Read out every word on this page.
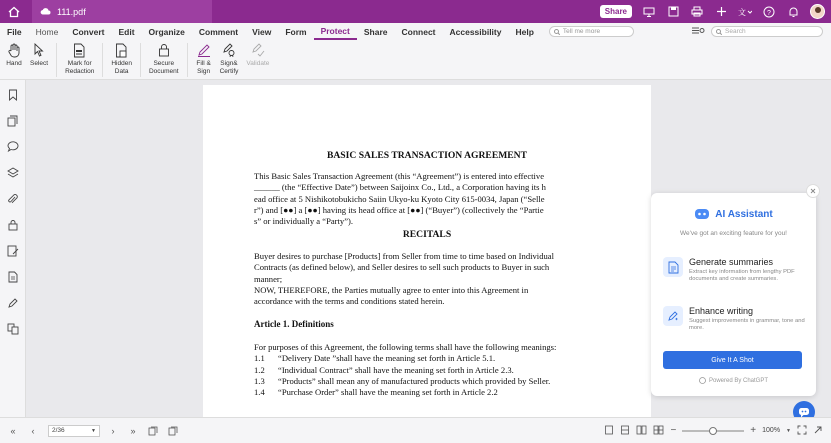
111.pdf	Share	文	?
File	Home	Convert	Edit	Organize	Comment	View	Form	Protect	Share	Connect	Accessibility	Help	Tell me more	Search
Hand Select	Mark for
Redaction
Hidden
Data
Secure
Document
Fill &
Sign
Sign&
Certify
Validate
BASIC SALES TRANSACTION AGREEMENT
This Basic Sales Transaction Agreement (this “Agreement”) is entered into effective
______ (the “Effective Date”) between Saijoinx Co., Ltd., a Corporation having its h
ead office at 5 Nishikotobukicho Saiin Ukyo-ku Kyoto City 615-0034, Japan (“Selle
r”) and [●●] a [●●] having its head office at [●●] (“Buyer”) (collectively the “Partie
s” or individually a “Party”).
RECITALS
Buyer desires to purchase [Products] from Seller from time to time based on Individual
Contracts (as defined below), and Seller desires to sell such products to Buyer in such
manner;
NOW, THEREFORE, the Parties mutually agree to enter into this Agreement in
accordance with the terms and conditions stated herein.
Article 1. Definitions
For purposes of this Agreement, the following terms shall have the following meanings:
1.1	“Delivery Date ”shall have the meaning set forth in Article 5.1.
1.2	“Individual Contract” shall have the meaning set forth in Article 2.3.
1.3	“Products” shall mean any of manufactured products which provided by Seller.
1.4	“Purchase Order” shall have the meaning set forth in Article 2.2
AI Assistant
We've got an exciting feature for you!
Generate summaries
Extract key information from lengthy PDF documents and create summaries.
Enhance writing
Suggest improvements in grammar, tone and more.
Give It A Shot
Powered By ChatGPT
«	‹	2/36	▼	›	»	−	+ 100% ▼
